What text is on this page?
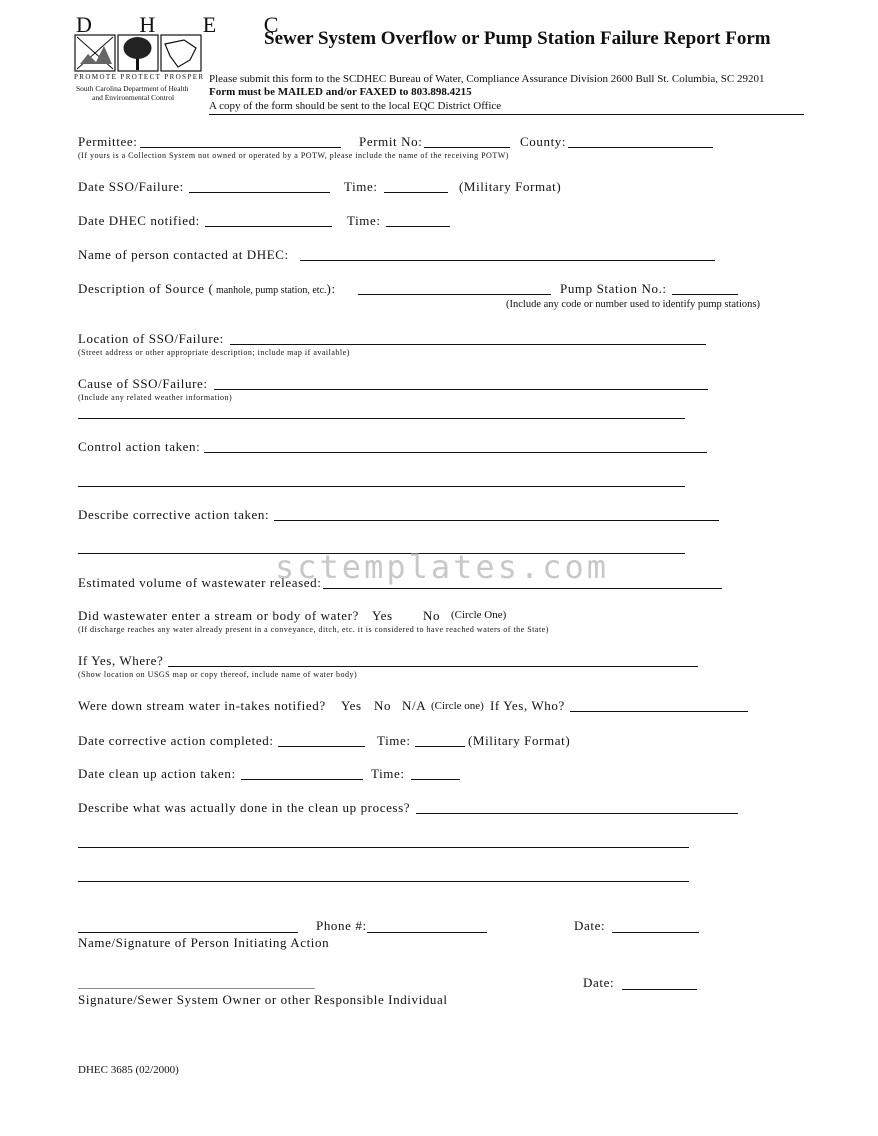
D H E C
PROMOTE PROTECT PROSPER
South Carolina Department of Health
and Environmental Control
Sewer System Overflow or Pump Station Failure Report Form
Please submit this form to the SCDHEC Bureau of Water, Compliance Assurance Division 2600 Bull St. Columbia, SC 29201
Form must be MAILED and/or FAXED to 803.898.4215
A copy of the form should be sent to the local EQC District Office
Permittee:	Permit No:	County:
(If yours is a Collection System not owned or operated by a POTW, please include the name of the receiving POTW)
Date SSO/Failure:	Time:	(Military Format)
Date DHEC notified:	Time:
Name of person contacted at DHEC:
Description of Source ( manhole, pump station, etc.):	Pump Station No.:
(Include any code or number used to identify pump stations)
Location of SSO/Failure:
(Street address or other appropriate description; include map if available)
Cause of SSO/Failure:
(Include any related weather information)
Control action taken:
Describe corrective action taken:
Estimated volume of wastewater released:
sctemplates.com
Did wastewater enter a stream or body of water? Yes No (Circle One)
(If discharge reaches any water already present in a conveyance, ditch, etc. it is considered to have reached waters of the State)
If Yes, Where?
(Show location on USGS map or copy thereof, include name of water body)
Were down stream water in-takes notified? Yes No N/A (Circle one) If Yes, Who?
Date corrective action completed:	Time:	(Military Format)
Date clean up action taken:	Time:
Describe what was actually done in the clean up process?
Phone #:	Date:
Name/Signature of Person Initiating Action
Date:
Signature/Sewer System Owner or other Responsible Individual
DHEC 3685 (02/2000)
